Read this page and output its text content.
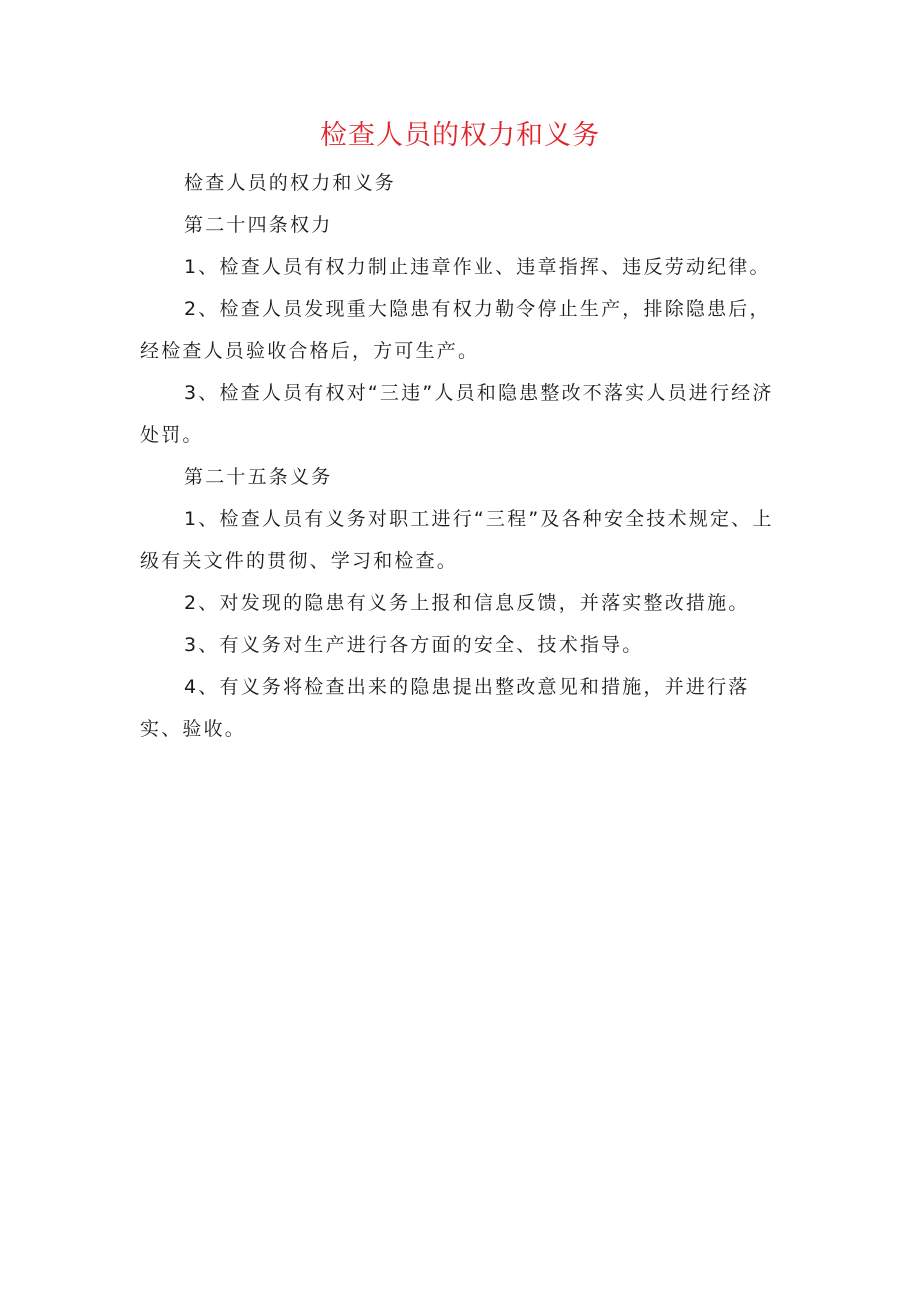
检查人员的权力和义务

检查人员的权力和义务

第二十四条权力

1、检查人员有权力制止违章作业、违章指挥、违反劳动纪律。

2、检查人员发现重大隐患有权力勒令停止生产，排除隐患后，经检查人员验收合格后，方可生产。

3、检查人员有权对“三违”人员和隐患整改不落实人员进行经济处罚。

第二十五条义务

1、检查人员有义务对职工进行“三程”及各种安全技术规定、上级有关文件的贯彻、学习和检查。

2、对发现的隐患有义务上报和信息反馈，并落实整改措施。

3、有义务对生产进行各方面的安全、技术指导。

4、有义务将检查出来的隐患提出整改意见和措施，并进行落实、验收。
